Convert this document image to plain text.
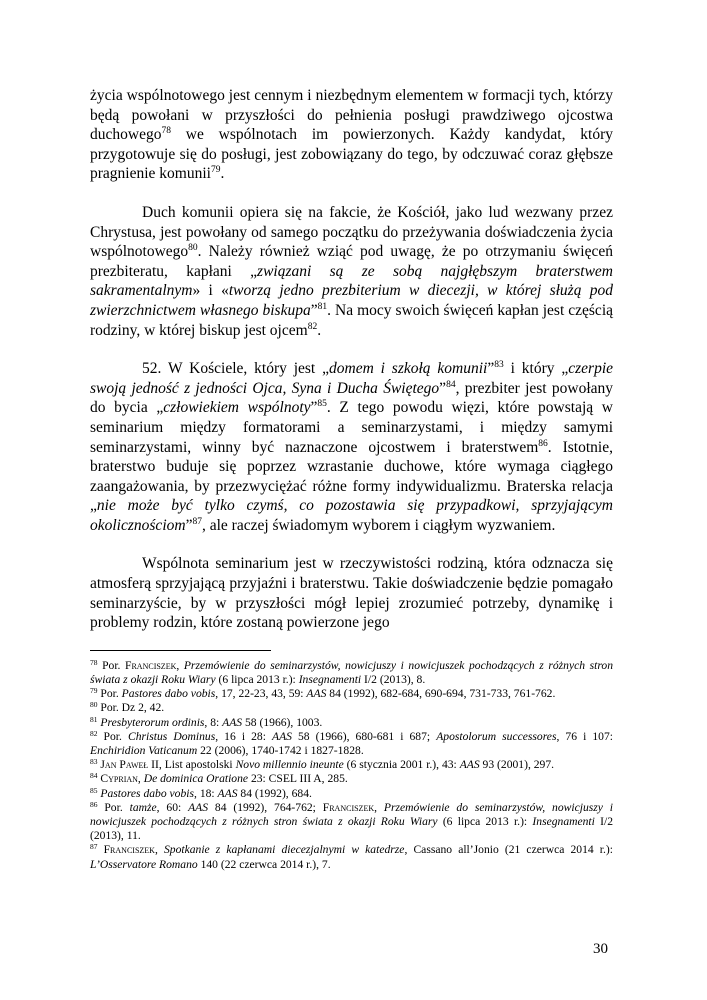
życia wspólnotowego jest cennym i niezbędnym elementem w formacji tych, którzy będą powołani w przyszłości do pełnienia posługi prawdziwego ojcostwa duchowego$^{78}$ we wspólnotach im powierzonych. Każdy kandydat, który przygotowuje się do posługi, jest zobowiązany do tego, by odczuwać coraz głębsze pragnienie komunii$^{79}$.

Duch komunii opiera się na fakcie, że Kościół, jako lud wezwany przez Chrystusa, jest powołany od samego początku do przeżywania doświadczenia życia wspólnotowego$^{80}$. Należy również wziąć pod uwagę, że po otrzymaniu święceń prezbiteratu, kapłani „związani są ze sobą najgłębszym braterstwem sakramentalnym» i «tworzą jedno prezbiterium w diecezji, w której służą pod zwierzchnictwem własnego biskupa”$^{81}$. Na mocy swoich święceń kapłan jest częścią rodziny, w której biskup jest ojcem$^{82}$.

52. W Kościele, który jest „domem i szkołą komunii”$^{83}$ i który „czerpie swoją jedność z jedności Ojca, Syna i Ducha Świętego”$^{84}$, prezbiter jest powołany do bycia „człowiekiem wspólnoty”$^{85}$. Z tego powodu więzi, które powstają w seminarium między formatorami a seminarzystami, i między samymi seminarzystami, winny być naznaczone ojcostwem i braterstwem$^{86}$. Istotnie, braterstwo buduje się poprzez wzrastanie duchowe, które wymaga ciągłego zaangażowania, by przezwyciężać różne formy indywidualizmu. Braterska relacja „nie może być tylko czymś, co pozostawia się przypadkowi, sprzyjającym okolicznościom”$^{87}$, ale raczej świadomym wyborem i ciągłym wyzwaniem.

Wspólnota seminarium jest w rzeczywistości rodziną, która odznacza się atmosferą sprzyjającą przyjaźni i braterstwu. Takie doświadczenie będzie pomagało seminarzyście, by w przyszłości mógł lepiej zrozumieć potrzeby, dynamikę i problemy rodzin, które zostaną powierzone jego

$^{78}$ Por. Franciszek, Przemówienie do seminarzystów, nowicjuszy i nowicjuszek pochodzących z różnych stron świata z okazji Roku Wiary (6 lipca 2013 r.): Insegnamenti I/2 (2013), 8.

$^{79}$ Por. Pastores dabo vobis, 17, 22-23, 43, 59: AAS 84 (1992), 682-684, 690-694, 731-733, 761-762.

$^{80}$ Por. Dz 2, 42.

$^{81}$ Presbyterorum ordinis, 8: AAS 58 (1966), 1003.

$^{82}$ Por. Christus Dominus, 16 i 28: AAS 58 (1966), 680-681 i 687; Apostolorum successores, 76 i 107: Enchiridion Vaticanum 22 (2006), 1740-1742 i 1827-1828.

$^{83}$ Jan Paweł II, List apostolski Novo millennio ineunte (6 stycznia 2001 r.), 43: AAS 93 (2001), 297.

$^{84}$ Cyprian, De dominica Oratione 23: CSEL III A, 285.

$^{85}$ Pastores dabo vobis, 18: AAS 84 (1992), 684.

$^{86}$ Por. tamże, 60: AAS 84 (1992), 764-762; Franciszek, Przemówienie do seminarzystów, nowicjuszy i nowicjuszek pochodzących z różnych stron świata z okazji Roku Wiary (6 lipca 2013 r.): Insegnamenti I/2 (2013), 11.

$^{87}$ Franciszek, Spotkanie z kapłanami diecezjalnymi w katedrze, Cassano all’Jonio (21 czerwca 2014 r.): L’Osservatore Romano 140 (22 czerwca 2014 r.), 7.

30
